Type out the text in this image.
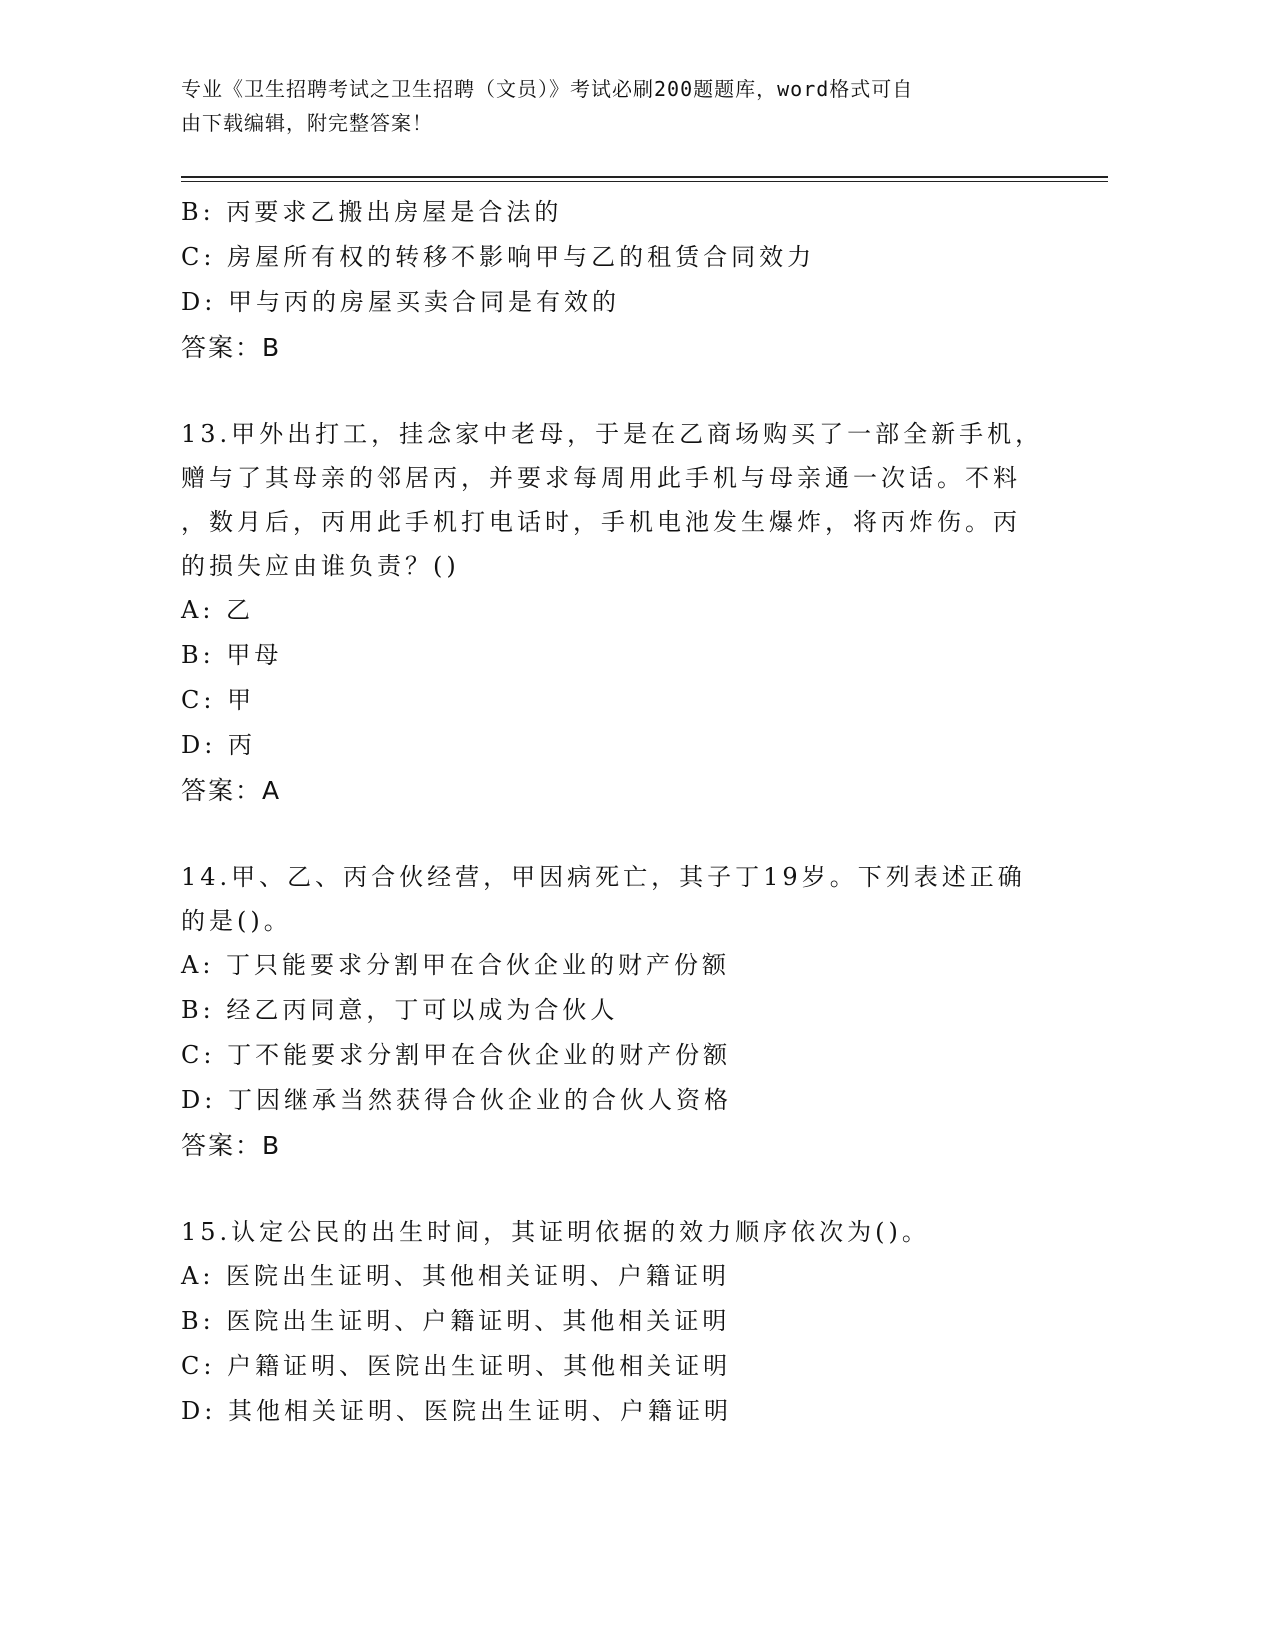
专业《卫生招聘考试之卫生招聘（文员）》考试必刷200题题库，word格式可自
由下载编辑，附完整答案！
B: 丙要求乙搬出房屋是合法的
C: 房屋所有权的转移不影响甲与乙的租赁合同效力
D: 甲与丙的房屋买卖合同是有效的
答案：B
13.甲外出打工，挂念家中老母，于是在乙商场购买了一部全新手机，
赠与了其母亲的邻居丙，并要求每周用此手机与母亲通一次话。不料
，数月后，丙用此手机打电话时，手机电池发生爆炸，将丙炸伤。丙
的损失应由谁负责？()
A: 乙
B: 甲母
C: 甲
D: 丙
答案：A
14.甲、乙、丙合伙经营，甲因病死亡，其子丁19岁。下列表述正确
的是()。
A: 丁只能要求分割甲在合伙企业的财产份额
B: 经乙丙同意，丁可以成为合伙人
C: 丁不能要求分割甲在合伙企业的财产份额
D: 丁因继承当然获得合伙企业的合伙人资格
答案：B
15.认定公民的出生时间，其证明依据的效力顺序依次为()。
A: 医院出生证明、其他相关证明、户籍证明
B: 医院出生证明、户籍证明、其他相关证明
C: 户籍证明、医院出生证明、其他相关证明
D: 其他相关证明、医院出生证明、户籍证明
